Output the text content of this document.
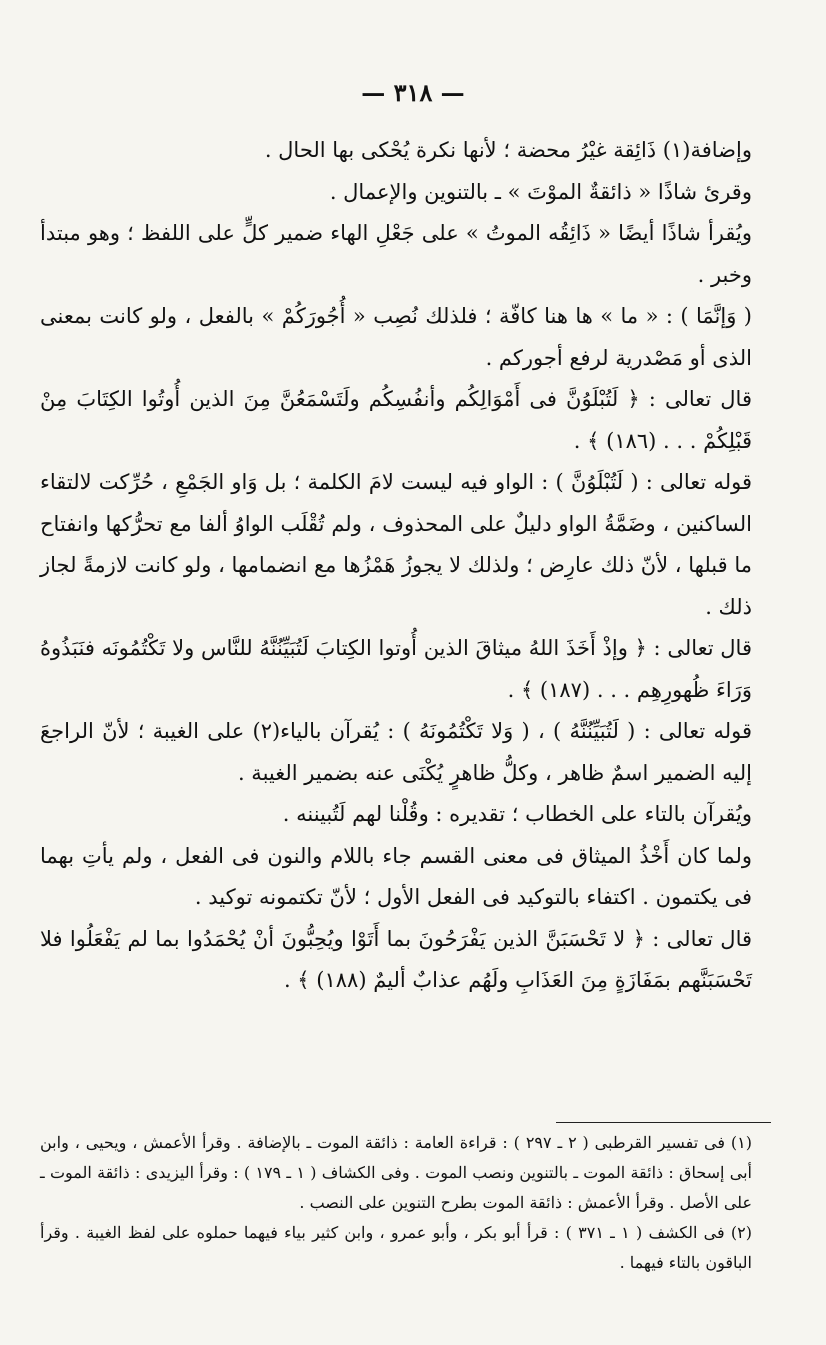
— ٣١٨ —

وإضافة(١) ذَائِقة غيْرُ محضة ؛ لأنها نكرة يُحْكى بها الحال .

وقرئ شاذًا « ذائقةٌ الموْتَ » ـ بالتنوين والإعمال .

ويُقرأ شاذًا أيضًا « ذَائِقُه الموتُ » على جَعْلِ الهاء ضمير كلٍّ على اللفظ ؛ وهو مبتدأ وخبر .

( وَإنَّمَا ) : « ما » ها هنا كافّة ؛ فلذلك نُصِب « أُجُورَكُمْ » بالفعل ، ولو كانت بمعنى الذى أو مَصْدرية لرفع أجوركم .

قال تعالى : ﴿ لَتُبْلَوُنَّ فى أَمْوَالِكُم وأنفُسِكُم ولَتَسْمَعُنَّ مِنَ الذين أُوتُوا الكِتَابَ مِنْ قَبْلِكُمْ . . . (١٨٦) ﴾ .

قوله تعالى : ( لَتُبْلَوُنَّ ) : الواو فيه ليست لامَ الكلمة ؛ بل وَاو الجَمْعِ ، حُرِّكت لالتقاء الساكنين ، وضَمَّةُ الواو دليلٌ على المحذوف ، ولم تُقْلَب الواوُ ألفا مع تحرُّكها وانفتاح ما قبلها ، لأنّ ذلك عارِض ؛ ولذلك لا يجوزُ هَمْزُها مع انضمامها ، ولو كانت لازمةً لجاز ذلك .

قال تعالى : ﴿ وإذْ أَخَذَ اللهُ ميثاقَ الذين أُوتوا الكِتابَ لَتُبَيِّنُنَّهُ للنَّاس ولا تَكْتُمُونَه فنَبَذُوهُ وَرَاءَ ظُهورِهِم . . . (١٨٧) ﴾ .

قوله تعالى : ( لَتُبَيِّنُنَّهُ ) ، ( وَلا تَكْتُمُونَهُ ) : يُقرآن بالياء(٢) على الغيبة ؛ لأنّ الراجعَ إليه الضمير اسمٌ ظاهر ، وكلُّ ظاهرٍ يُكْنَى عنه بضمير الغيبة .

ويُقرآن بالتاء على الخطاب ؛ تقديره : وقُلْنا لهم لَتُبيننه .

ولما كان أَخْذُ الميثاق فى معنى القسم جاء باللام والنون فى الفعل ، ولم يأتِ بهما فى يكتمون . اكتفاء بالتوكيد فى الفعل الأول ؛ لأنّ تكتمونه توكيد .

قال تعالى : ﴿ لا تَحْسَبَنَّ الذين يَفْرَحُونَ بما أَتَوْا ويُحِبُّونَ أنْ يُحْمَدُوا بما لم يَفْعَلُوا فلا تَحْسَبَنَّهم بمَفَازَةٍ مِنَ العَذَابِ ولَهُم عذابٌ أليمٌ (١٨٨) ﴾ .

(١) فى تفسير القرطبى ( ٢ ـ ٢٩٧ ) : قراءة العامة : ذائقة الموت ـ بالإضافة . وقرأ الأعمش ، ويحيى ، وابن أبى إسحاق : ذائقة الموت ـ بالتنوين ونصب الموت . وفى الكشاف ( ١ ـ ١٧٩ ) : وقرأ اليزيدى : ذائقة الموت ـ على الأصل . وقرأ الأعمش : ذائقة الموت بطرح التنوين على النصب .

(٢) فى الكشف ( ١ ـ ٣٧١ ) : قرأ أبو بكر ، وأبو عمرو ، وابن كثير بياء فيهما حملوه على لفظ الغيبة . وقرأ الباقون بالتاء فيهما .
